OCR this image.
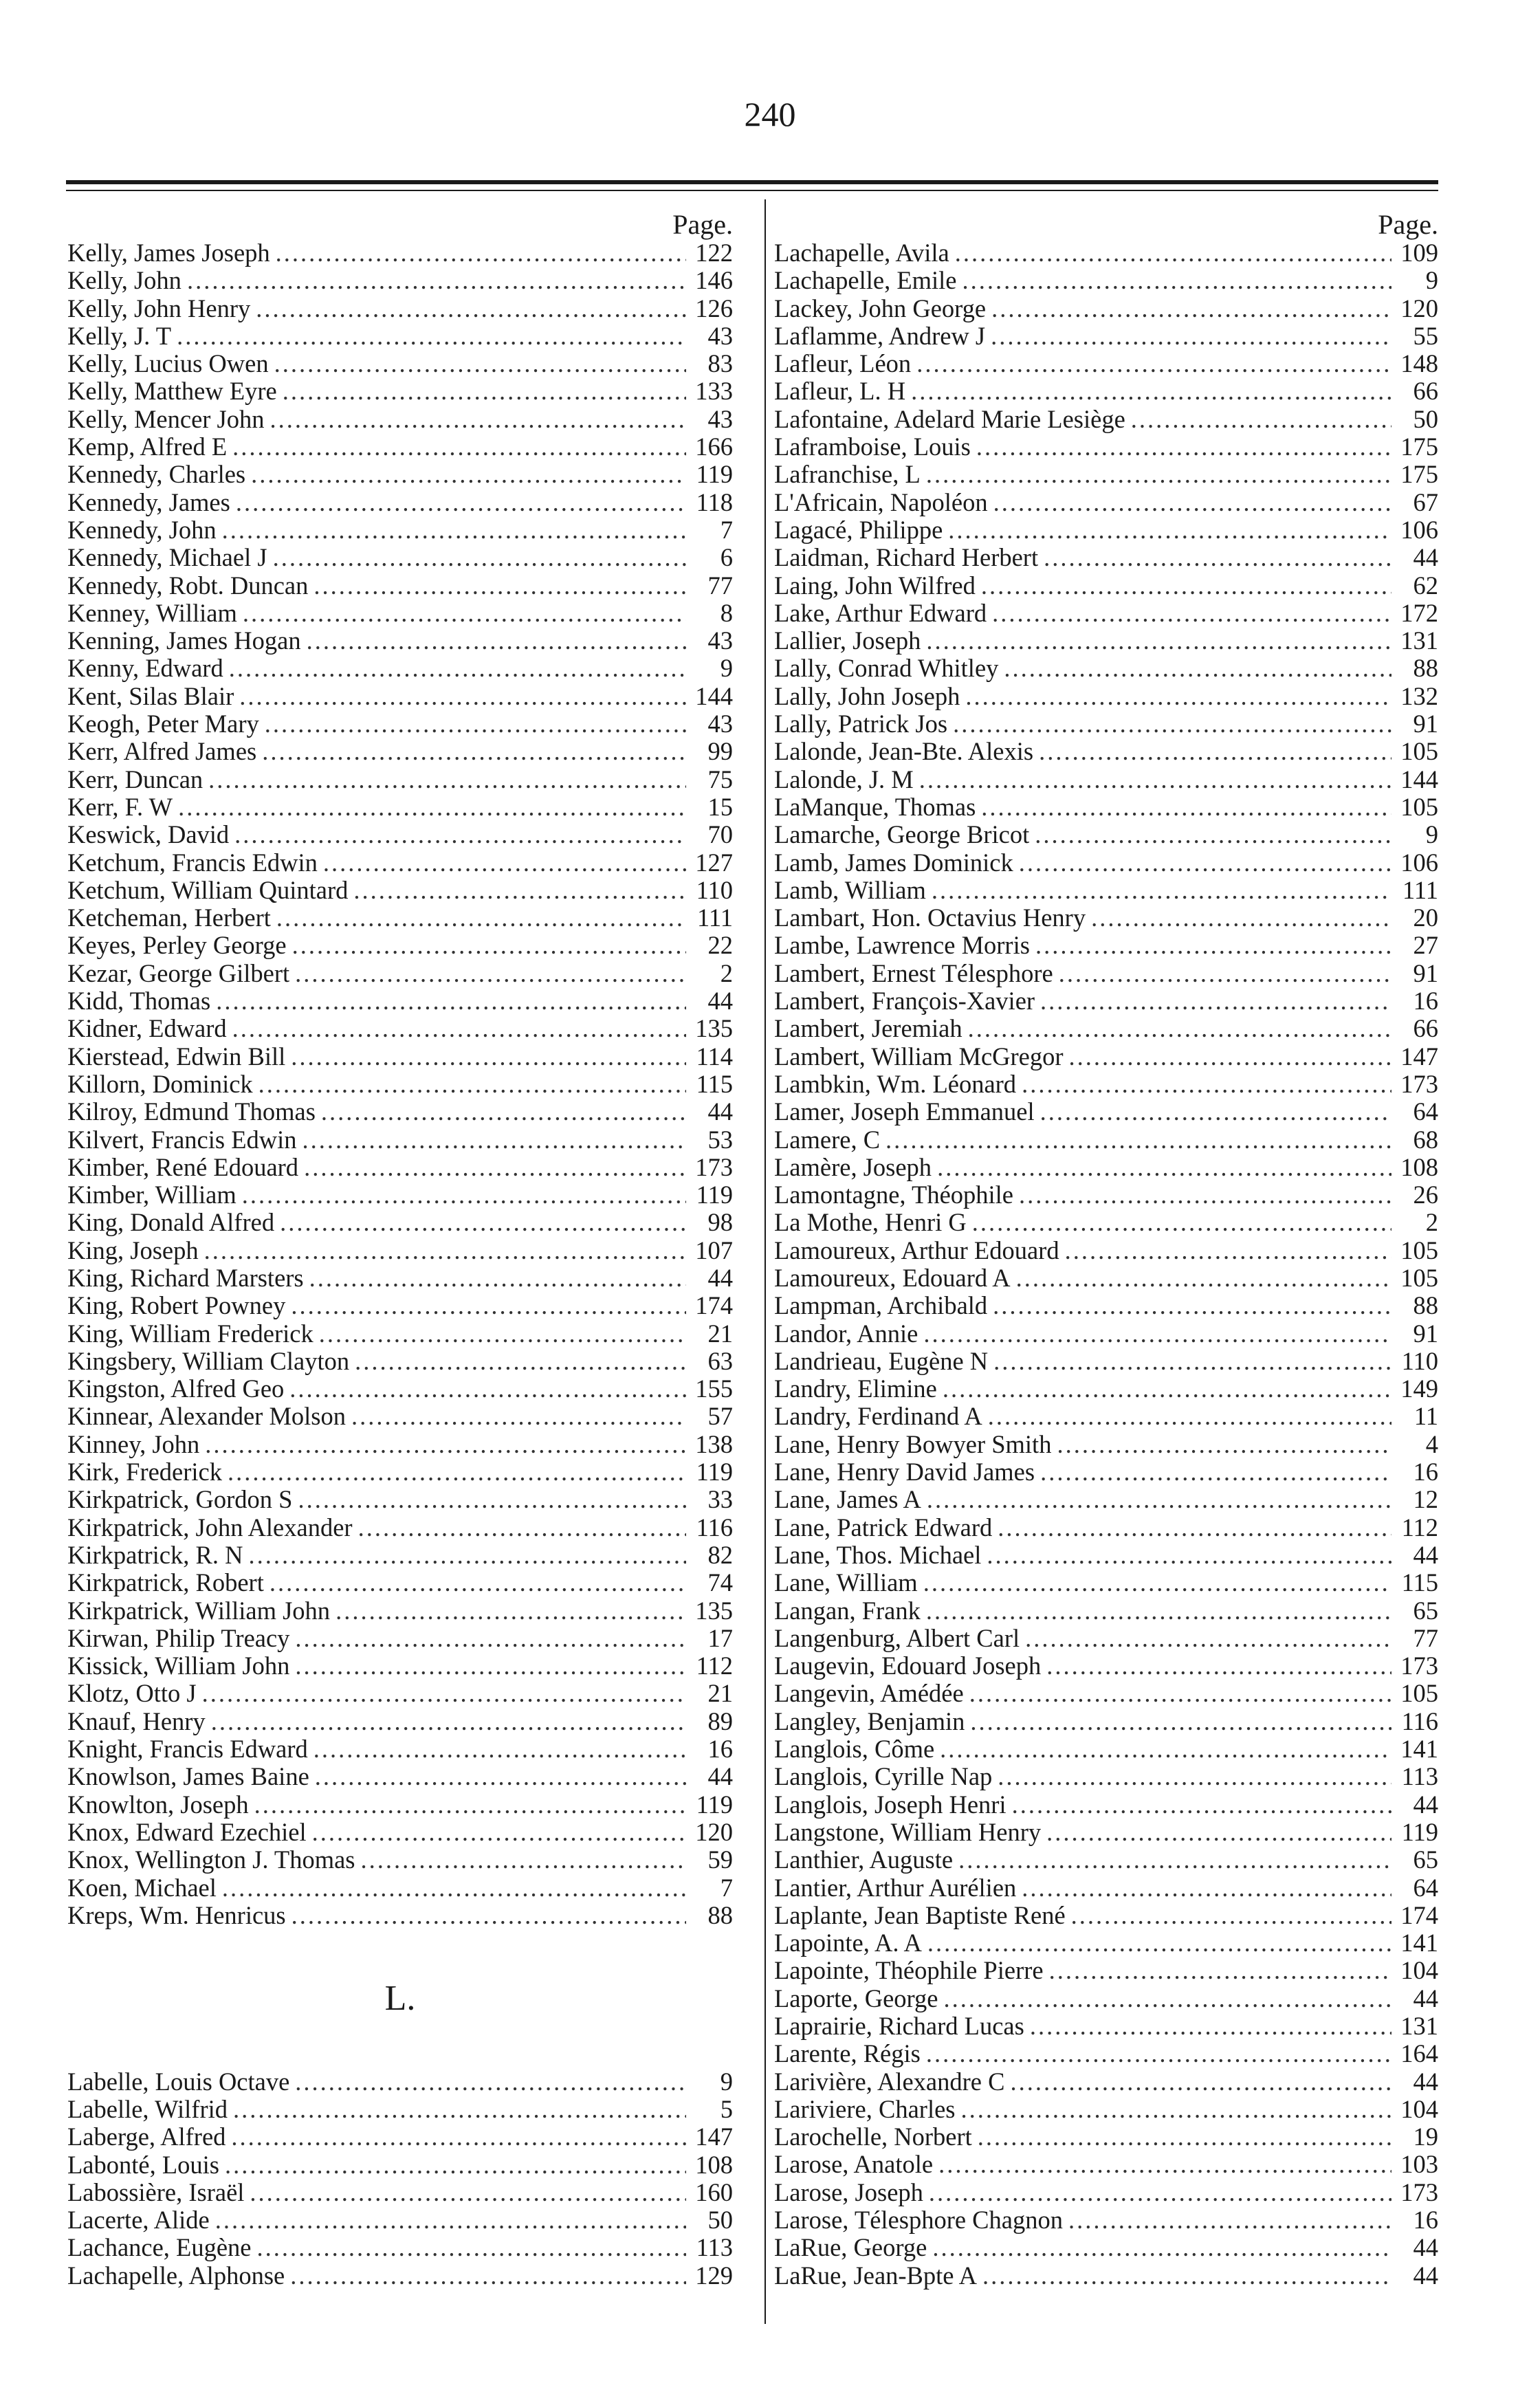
240
Page.
Kelly, James Joseph .....	122
Kelly, John .....	146
Kelly, John Henry .....	126
Kelly, J. T .....	43
Kelly, Lucius Owen .....	83
Kelly, Matthew Eyre .....	133
Kelly, Mencer John .....	43
Kemp, Alfred E .....	166
Kennedy, Charles .....	119
Kennedy, James .....	118
Kennedy, John .....	7
Kennedy, Michael J .....	6
Kennedy, Robt. Duncan .....	77
Kenney, William .....	8
Kenning, James Hogan .....	43
Kenny, Edward .....	9
Kent, Silas Blair .....	144
Keogh, Peter Mary .....	43
Kerr, Alfred James .....	99
Kerr, Duncan .....	75
Kerr, F. W .....	15
Keswick, David .....	70
Ketchum, Francis Edwin .....	127
Ketchum, William Quintard .....	110
Ketcheman, Herbert .....	111
Keyes, Perley George .....	22
Kezar, George Gilbert .....	2
Kidd, Thomas .....	44
Kidner, Edward .....	135
Kierstead, Edwin Bill .....	114
Killorn, Dominick .....	115
Kilroy, Edmund Thomas .....	44
Kilvert, Francis Edwin .....	53
Kimber, René Edouard .....	173
Kimber, William .....	119
King, Donald Alfred .....	98
King, Joseph .....	107
King, Richard Marsters .....	44
King, Robert Powney .....	174
King, William Frederick .....	21
Kingsbery, William Clayton .....	63
Kingston, Alfred Geo .....	155
Kinnear, Alexander Molson .....	57
Kinney, John .....	138
Kirk, Frederick .....	119
Kirkpatrick, Gordon S .....	33
Kirkpatrick, John Alexander .....	116
Kirkpatrick, R. N .....	82
Kirkpatrick, Robert .....	74
Kirkpatrick, William John .....	135
Kirwan, Philip Treacy .....	17
Kissick, William John .....	112
Klotz, Otto J .....	21
Knauf, Henry .....	89
Knight, Francis Edward .....	16
Knowlson, James Baine .....	44
Knowlton, Joseph .....	119
Knox, Edward Ezechiel .....	120
Knox, Wellington J. Thomas .....	59
Koen, Michael .....	7
Kreps, Wm. Henricus .....	88
L.
Labelle, Louis Octave .....	9
Labelle, Wilfrid .....	5
Laberge, Alfred .....	147
Labonté, Louis .....	108
Labossière, Israël .....	160
Lacerte, Alide .....	50
Lachance, Eugène .....	113
Lachapelle, Alphonse .....	129
Page.
Lachapelle, Avila .....	109
Lachapelle, Emile .....	9
Lackey, John George .....	120
Laflamme, Andrew J .....	55
Lafleur, Léon .....	148
Lafleur, L. H .....	66
Lafontaine, Adelard Marie Lesiège .....	50
Laframboise, Louis .....	175
Lafranchise, L .....	175
L'Africain, Napoléon .....	67
Lagacé, Philippe .....	106
Laidman, Richard Herbert .....	44
Laing, John Wilfred .....	62
Lake, Arthur Edward .....	172
Lallier, Joseph .....	131
Lally, Conrad Whitley .....	88
Lally, John Joseph .....	132
Lally, Patrick Jos .....	91
Lalonde, Jean-Bte. Alexis .....	105
Lalonde, J. M .....	144
LaManque, Thomas .....	105
Lamarche, George Bricot .....	9
Lamb, James Dominick .....	106
Lamb, William .....	111
Lambart, Hon. Octavius Henry .....	20
Lambe, Lawrence Morris .....	27
Lambert, Ernest Télesphore .....	91
Lambert, François-Xavier .....	16
Lambert, Jeremiah .....	66
Lambert, William McGregor .....	147
Lambkin, Wm. Léonard .....	173
Lamer, Joseph Emmanuel .....	64
Lamere, C .....	68
Lamère, Joseph .....	108
Lamontagne, Théophile .....	26
La Mothe, Henri G .....	2
Lamoureux, Arthur Edouard .....	105
Lamoureux, Edouard A .....	105
Lampman, Archibald .....	88
Landor, Annie .....	91
Landrieau, Eugène N .....	110
Landry, Elimine .....	149
Landry, Ferdinand A .....	11
Lane, Henry Bowyer Smith .....	4
Lane, Henry David James .....	16
Lane, James A .....	12
Lane, Patrick Edward .....	112
Lane, Thos. Michael .....	44
Lane, William .....	115
Langan, Frank .....	65
Langenburg, Albert Carl .....	77
Laugevin, Edouard Joseph .....	173
Langevin, Amédée .....	105
Langley, Benjamin .....	116
Langlois, Côme .....	141
Langlois, Cyrille Nap .....	113
Langlois, Joseph Henri .....	44
Langstone, William Henry .....	119
Lanthier, Auguste .....	65
Lantier, Arthur Aurélien .....	64
Laplante, Jean Baptiste René .....	174
Lapointe, A. A .....	141
Lapointe, Théophile Pierre .....	104
Laporte, George .....	44
Laprairie, Richard Lucas .....	131
Larente, Régis .....	164
Larivière, Alexandre C .....	44
Lariviere, Charles .....	104
Larochelle, Norbert .....	19
Larose, Anatole .....	103
Larose, Joseph .....	173
Larose, Télesphore Chagnon .....	16
LaRue, George .....	44
LaRue, Jean-Bpte A .....	44
